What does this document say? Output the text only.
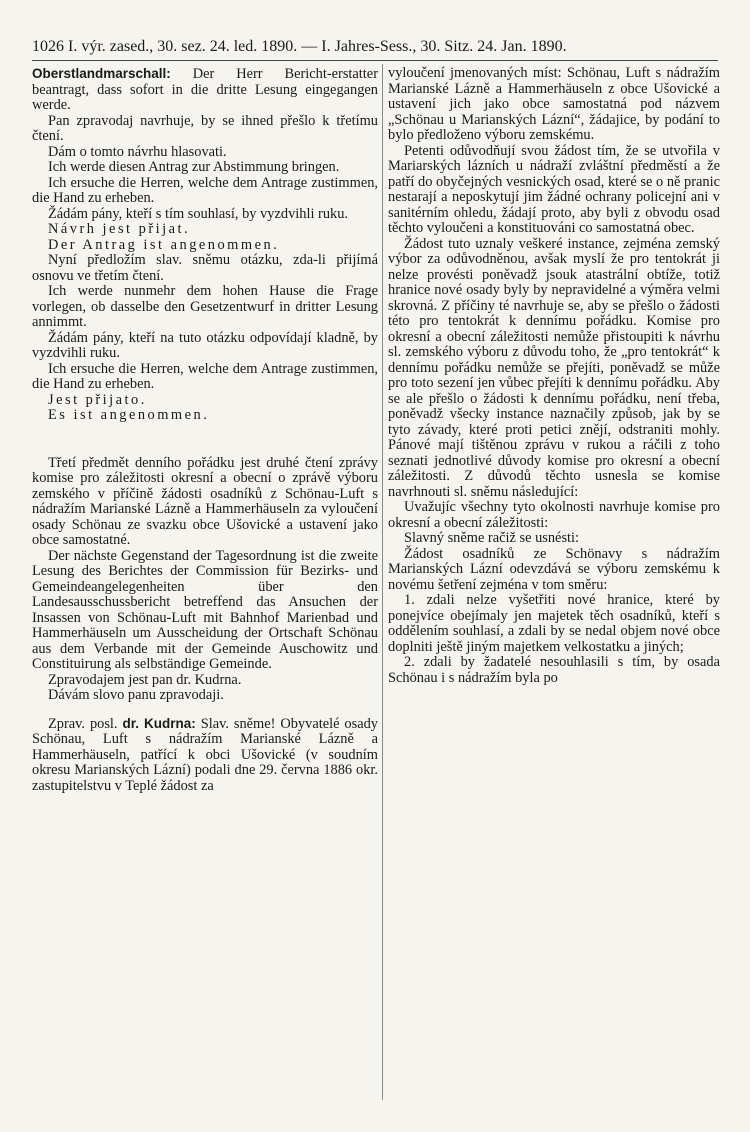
1026 I. výr. zased., 30. sez. 24. led. 1890. — I. Jahres-Sess., 30. Sitz. 24. Jan. 1890.

Oberstlandmarschall: Der Herr Bericht-erstatter beantragt, dass sofort in die dritte Lesung eingegangen werde.

Pan zpravodaj navrhuje, by se ihned přešlo k třetímu čtení.

Dám o tomto návrhu hlasovati.

Ich werde diesen Antrag zur Abstimmung bringen.

Ich ersuche die Herren, welche dem Antrage zustimmen, die Hand zu erheben.

Žádám pány, kteří s tím souhlasí, by vyzdvihli ruku.

Návrh jest přijat.

Der Antrag ist angenommen.

Nyní předložím slav. sněmu otázku, zda-li přijímá osnovu ve třetím čtení.

Ich werde nunmehr dem hohen Hause die Frage vorlegen, ob dasselbe den Gesetzentwurf in dritter Lesung annimmt.

Žádám pány, kteří na tuto otázku odpovídají kladně, by vyzdvihli ruku.

Ich ersuche die Herren, welche dem Antrage zustimmen, die Hand zu erheben.

Jest přijato.

Es ist angenommen.

Třetí předmět denního pořádku jest druhé čtení zprávy komise pro záležitosti okresní a obecní o zprávě výboru zemského v příčině žádosti osadníků z Schönau-Luft s nádražím Marianské Lázně a Hammerhäuseln za vyloučení osady Schönau ze svazku obce Ušovické a ustavení jako obce samostatné.

Der nächste Gegenstand der Tagesordnung ist die zweite Lesung des Berichtes der Commission für Bezirks- und Gemeindeangelegenheiten über den Landesausschussbericht betreffend das Ansuchen der Insassen von Schönau-Luft mit Bahnhof Marienbad und Hammerhäuseln um Ausscheidung der Ortschaft Schönau aus dem Verbande mit der Gemeinde Auschowitz und Constituirung als selbständige Gemeinde.

Zpravodajem jest pan dr. Kudrna.

Dávám slovo panu zpravodaji.

Zprav. posl. dr. Kudrna: Slav. sněme! Obyvatelé osady Schönau, Luft s nádražím Marianské Lázně a Hammerhäuseln, patřící k obci Ušovické (v soudním okresu Marianských Lázní) podali dne 29. června 1886 okr. zastupitelstvu v Teplé žádost za

vyloučení jmenovaných míst: Schönau, Luft s nádražím Marianské Lázně a Hammerhäuseln z obce Ušovické a ustavení jich jako obce samostatná pod názvem „Schönau u Marianských Lázní“, žádajice, by podání to bylo předloženo výboru zemskému.

Petenti odůvodňují svou žádost tím, že se utvořila v Mariarských lázních u nádraží zvláštní předměstí a že patří do obyčejných vesnických osad, které se o ně pranic nestarají a neposkytují jim žádné ochrany policejní ani v sanitérním ohledu, žádají proto, aby byli z obvodu osad těchto vyloučeni a konstituováni co samostatná obec.

Žádost tuto uznaly veškeré instance, zejména zemský výbor za odůvodněnou, avšak myslí že pro tentokrát ji nelze provésti poněvadž jsouk atastrální obtíže, totiž hranice nové osady byly by nepravidelné a výměra velmi skrovná. Z příčiny té navrhuje se, aby se přešlo o žádosti této pro tentokrát k dennímu pořádku. Komise pro okresní a obecní záležitosti nemůže přistoupiti k návrhu sl. zemského výboru z důvodu toho, že „pro tentokrát“ k dennímu pořádku nemůže se přejíti, poněvadž se může pro toto sezení jen vůbec přejíti k dennímu pořádku. Aby se ale přešlo o žádosti k dennímu pořádku, není třeba, poněvadž všecky instance naznačily způsob, jak by se tyto závady, které proti petici znějí, odstraniti mohly. Pánové mají tištěnou zprávu v rukou a ráčili z toho seznati jednotlivé důvody komise pro okresní a obecní záležitosti. Z důvodů těchto usnesla se komise navrhnouti sl. sněmu následující:

Uvažujíc všechny tyto okolnosti navrhuje komise pro okresní a obecní záležitosti:

Slavný sněme račiž se usnésti:

Žádost osadníků ze Schönavy s nádražím Marianských Lázní odevzdává se výboru zemskému k novému šetření zejména v tom směru:

1. zdali nelze vyšetřiti nové hranice, které by ponejvíce obejímaly jen majetek těch osadníků, kteří s oddělením souhlasí, a zdali by se nedal objem nové obce doplniti ještě jiným majetkem velkostatku a jiných;

2. zdali by žadatelé nesouhlasili s tím, by osada Schönau i s nádražím byla po
